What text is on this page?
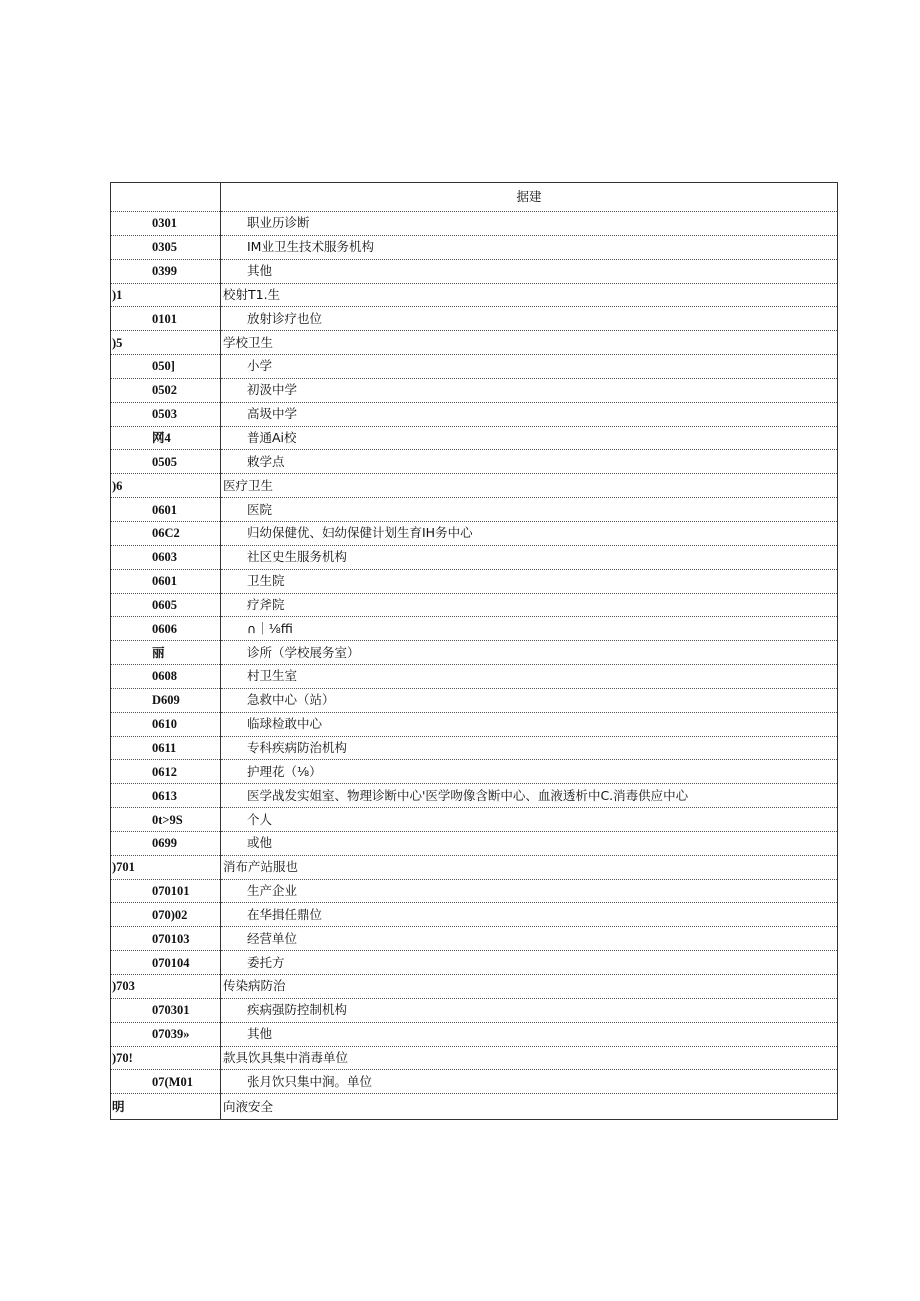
	据建
0301	职业历诊断
0305	IM业卫生技术服务机构
0399	其他
)1	校射T1.生
0101	放射诊疗也位
)5	学校卫生
050]	小学
0502	初汲中学
0503	高圾中学
网4	普通Ai校
0505	敕学点
)6	医疗卫生
0601	医院
06C2	归幼保健优、妇幼保健计划生育IH务中心
0603	社区史生服务机构
0601	卫生院
0605	疗斧院
0606	∩｜⅛ffi
丽	诊所（学校展务室）
0608	村卫生室
D609	急救中心（站）
0610	临球检敢中心
0611	专科疾病防治机构
0612	护理花（⅛）
0613	医学战发实姐室、物理诊断中心'医学吻像含断中心、血液透析中C.消毒供应中心
0t>9S	个人
0699	或他
)701	消布产站服也
070101	生产企业
070)02	在华揖任鼎位
070103	经营单位
070104	委托方
)703	传染病防治
070301	疾病强防控制机构
07039»	其他
)70!	款具饮具集中消毒单位
07(M01	张月饮只集中涧。单位
明	向液安全
